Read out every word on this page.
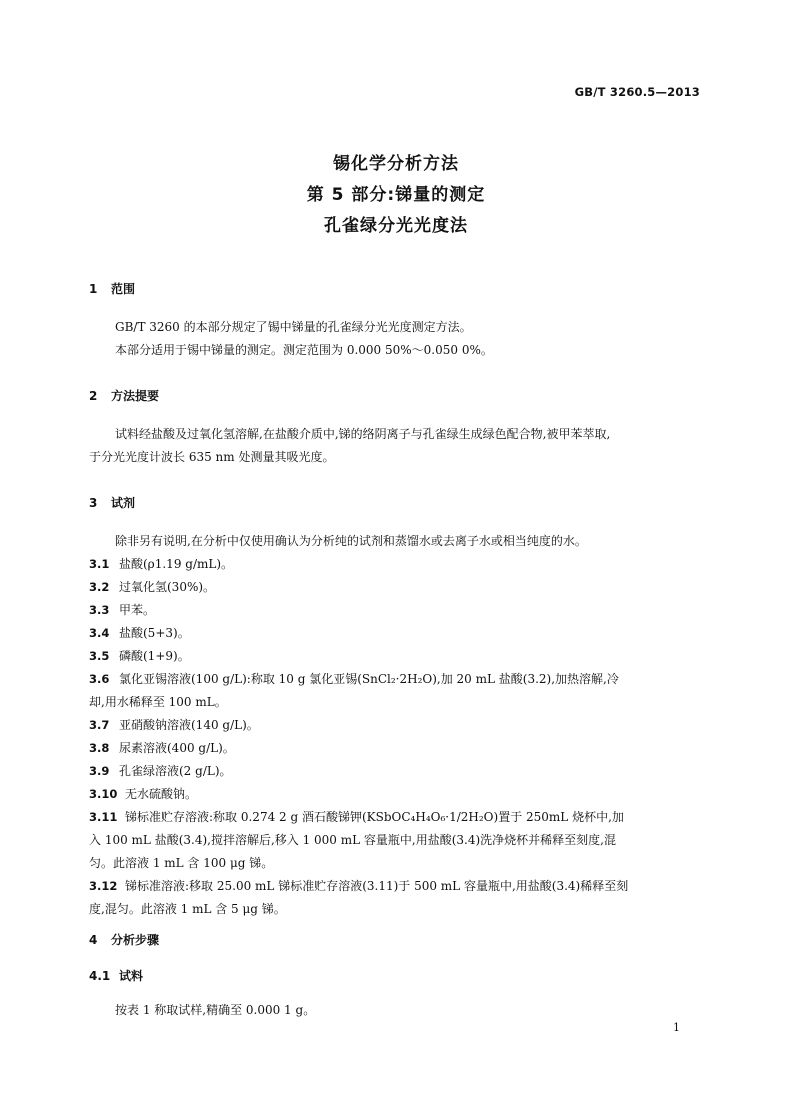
GB/T 3260.5—2013
锡化学分析方法
第 5 部分:锑量的测定
孔雀绿分光光度法
1 范围
GB/T 3260 的本部分规定了锡中锑量的孔雀绿分光光度测定方法。
本部分适用于锡中锑量的测定。测定范围为 0.000 50%～0.050 0%。
2 方法提要
试料经盐酸及过氧化氢溶解,在盐酸介质中,锑的络阴离子与孔雀绿生成绿色配合物,被甲苯萃取,
于分光光度计波长 635 nm 处测量其吸光度。
3 试剂
除非另有说明,在分析中仅使用确认为分析纯的试剂和蒸馏水或去离子水或相当纯度的水。
3.1 盐酸(ρ1.19 g/mL)。
3.2 过氧化氢(30%)。
3.3 甲苯。
3.4 盐酸(5+3)。
3.5 磷酸(1+9)。
3.6 氯化亚锡溶液(100 g/L):称取 10 g 氯化亚锡(SnCl₂·2H₂O),加 20 mL 盐酸(3.2),加热溶解,冷
却,用水稀释至 100 mL。
3.7 亚硝酸钠溶液(140 g/L)。
3.8 尿素溶液(400 g/L)。
3.9 孔雀绿溶液(2 g/L)。
3.10 无水硫酸钠。
3.11 锑标准贮存溶液:称取 0.274 2 g 酒石酸锑钾(KSbOC₄H₄O₆·1/2H₂O)置于 250mL 烧杯中,加
入 100 mL 盐酸(3.4),搅拌溶解后,移入 1 000 mL 容量瓶中,用盐酸(3.4)洗净烧杯并稀释至刻度,混
匀。此溶液 1 mL 含 100 μg 锑。
3.12 锑标准溶液:移取 25.00 mL 锑标准贮存溶液(3.11)于 500 mL 容量瓶中,用盐酸(3.4)稀释至刻
度,混匀。此溶液 1 mL 含 5 μg 锑。
4 分析步骤
4.1 试料
按表 1 称取试样,精确至 0.000 1 g。
1
